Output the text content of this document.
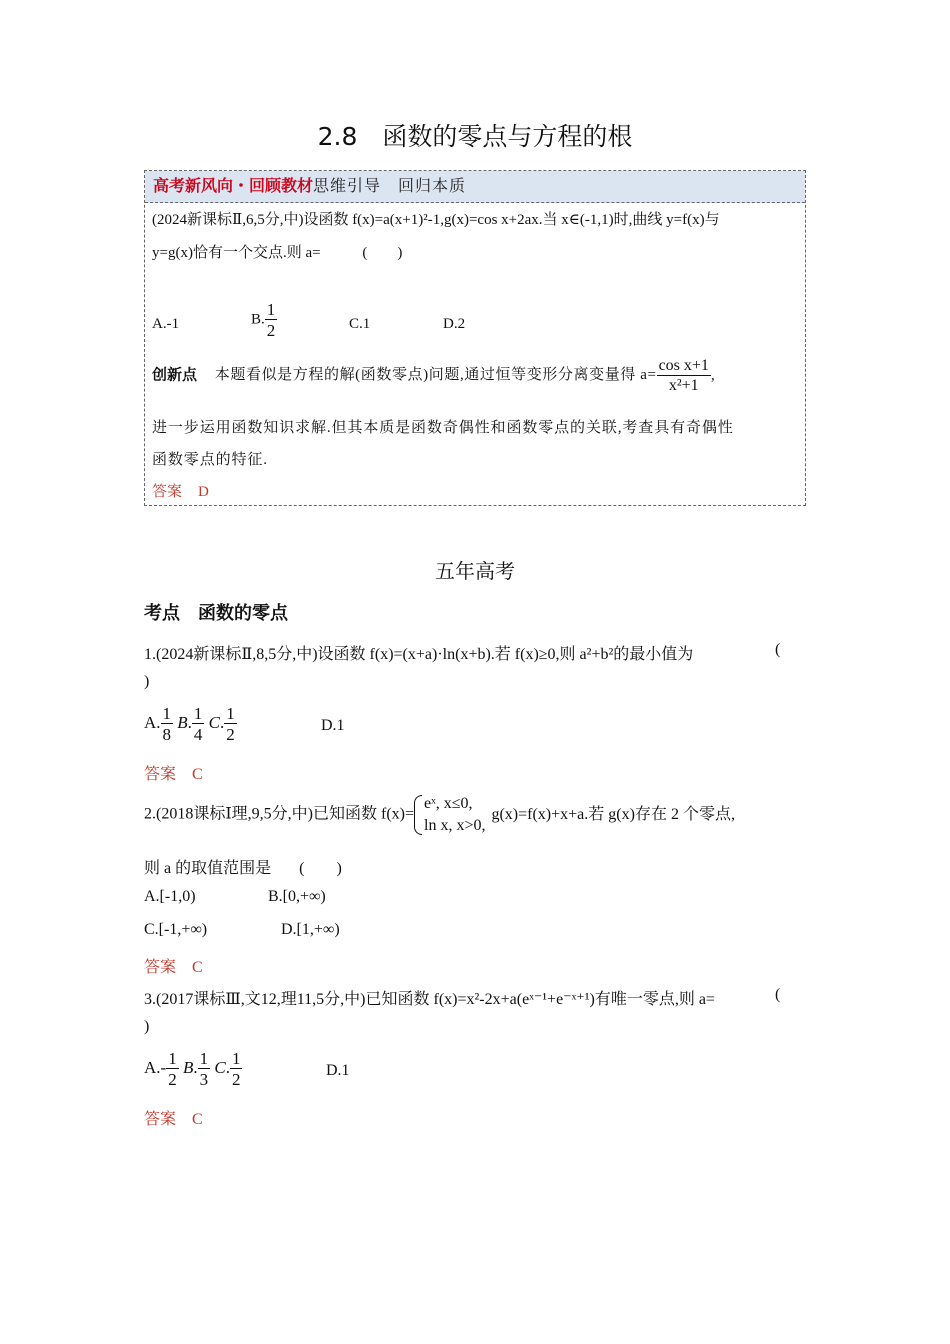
2.8　函数的零点与方程的根
高考新风向・回顾教材思维引导　回归本质
(2024新课标Ⅱ,6,5分,中)设函数 f(x)=a(x+1)²-1,g(x)=cos x+2ax.当 x∈(-1,1)时,曲线 y=f(x)与
y=g(x)恰有一个交点.则 a=	(　　)
A.-1	B. $\frac{1}{2}$	C.1	D.2
创新点 本题看似是方程的解(函数零点)问题,通过恒等变形分离变量得 $a= \frac{\text{cos x+1}}{\text{x²+1}}$ ,
进一步运用函数知识求解.但其本质是函数奇偶性和函数零点的关联,考查具有奇偶性
函数零点的特征.
答案 D
五年高考
考点　函数的零点
1.(2024新课标Ⅱ,8,5分,中)设函数 f(x)=(x+a)·ln(x+b).若 f(x)≥0,则 a²+b²的最小值为	(
)
A. $\frac{1}{8} B$. $\frac{1}{4} C$. $\frac{1}{2}$	D.1
答案 C
2.(2018课标Ⅰ理,9,5分,中)已知函数 f(x)=
eˣ, x≤0,
ln x, x>0,
g(x)=f(x)+x+a.若 g(x)存在 2 个零点,
则 a 的取值范围是 (　　)
A.[-1,0)	B.[0,+∞)
C.[-1,+∞)	D.[1,+∞)
答案 C
3.(2017课标Ⅲ,文12,理11,5分,中)已知函数 f(x)=x²-2x+a(eˣ⁻¹+e⁻ˣ⁺¹)有唯一零点,则 a=	(
)
$A.- \frac{1}{2} B$. $\frac{1}{3} C$. $\frac{1}{2}$	D.1
答案 C
